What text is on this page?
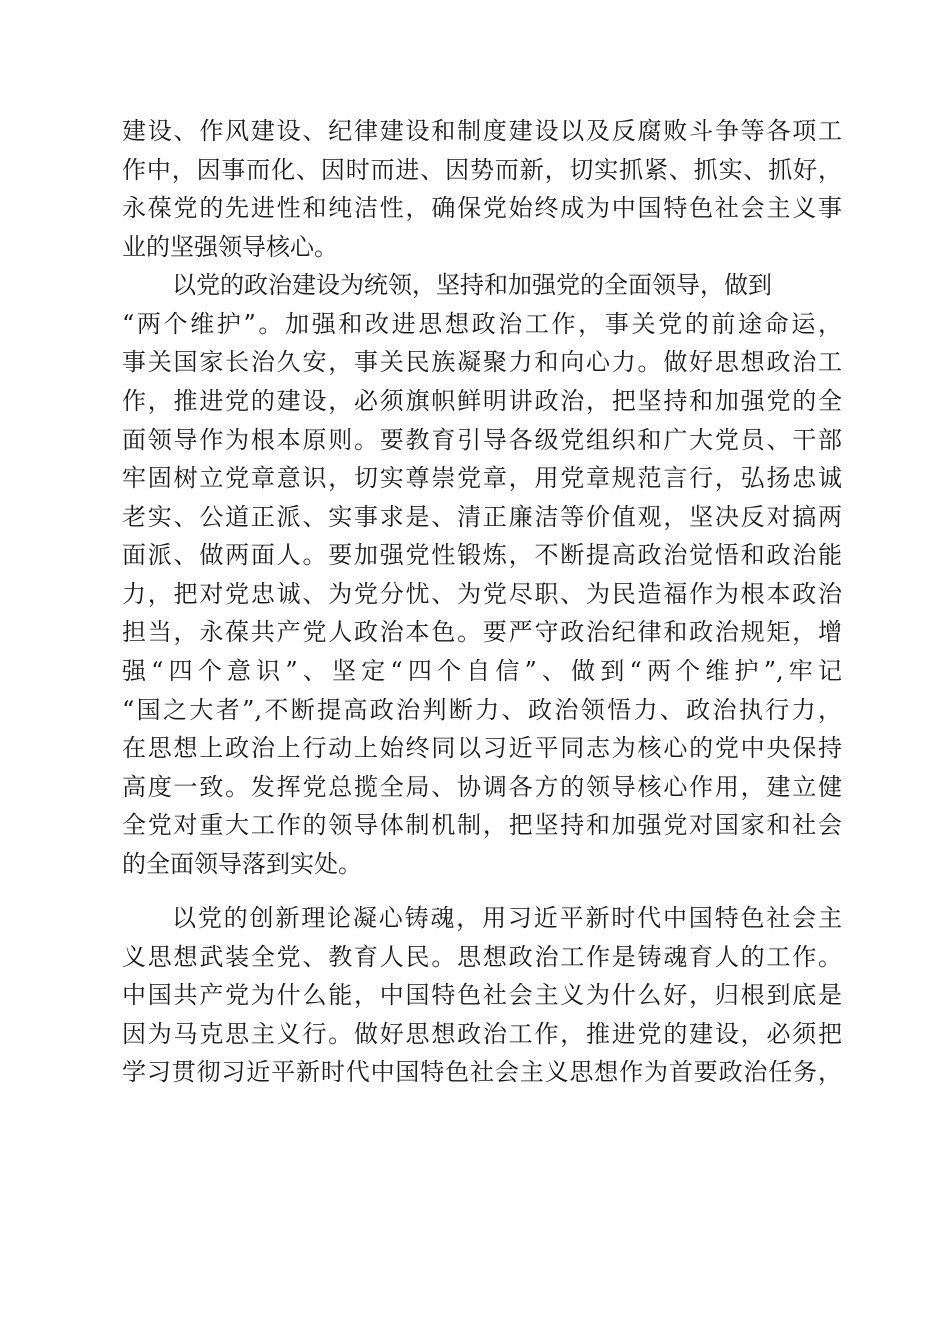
建设、作风建设、纪律建设和制度建设以及反腐败斗争等各项工
作中，因事而化、因时而进、因势而新，切实抓紧、抓实、抓好，
永葆党的先进性和纯洁性，确保党始终成为中国特色社会主义事
业的坚强领导核心。
以党的政治建设为统领，坚持和加强党的全面领导，做到
“两个维护”。加强和改进思想政治工作，事关党的前途命运，
事关国家长治久安，事关民族凝聚力和向心力。做好思想政治工
作，推进党的建设，必须旗帜鲜明讲政治，把坚持和加强党的全
面领导作为根本原则。要教育引导各级党组织和广大党员、干部
牢固树立党章意识，切实尊崇党章，用党章规范言行，弘扬忠诚
老实、公道正派、实事求是、清正廉洁等价值观，坚决反对搞两
面派、做两面人。要加强党性锻炼，不断提高政治觉悟和政治能
力，把对党忠诚、为党分忧、为党尽职、为民造福作为根本政治
担当，永葆共产党人政治本色。要严守政治纪律和政治规矩，增
强“四个意识”、坚定“四个自信”、做到“两个维护”,牢记
“国之大者”,不断提高政治判断力、政治领悟力、政治执行力，
在思想上政治上行动上始终同以习近平同志为核心的党中央保持
高度一致。发挥党总揽全局、协调各方的领导核心作用，建立健
全党对重大工作的领导体制机制，把坚持和加强党对国家和社会
的全面领导落到实处。
以党的创新理论凝心铸魂，用习近平新时代中国特色社会主
义思想武装全党、教育人民。思想政治工作是铸魂育人的工作。
中国共产党为什么能，中国特色社会主义为什么好，归根到底是
因为马克思主义行。做好思想政治工作，推进党的建设，必须把
学习贯彻习近平新时代中国特色社会主义思想作为首要政治任务，
